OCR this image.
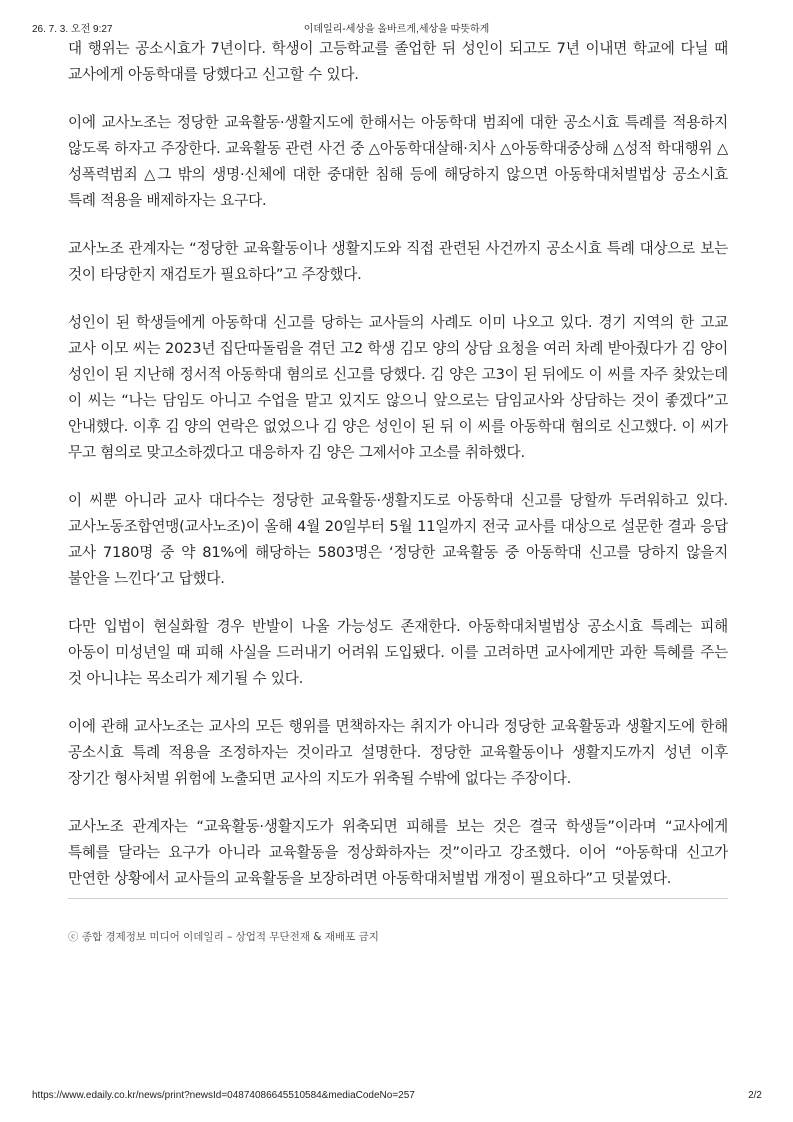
26. 7. 3. 오전 9:27	이데일리-세상을 올바르게,세상을 따뜻하게

대 행위는 공소시효가 7년이다. 학생이 고등학교를 졸업한 뒤 성인이 되고도 7년 이내면 학교에 다닐 때 교사에게 아동학대를 당했다고 신고할 수 있다.

이에 교사노조는 정당한 교육활동·생활지도에 한해서는 아동학대 범죄에 대한 공소시효 특례를 적용하지 않도록 하자고 주장한다. 교육활동 관련 사건 중 △아동학대살해·치사 △아동학대중상해 △성적 학대행위 △성폭력범죄 △그 밖의 생명·신체에 대한 중대한 침해 등에 해당하지 않으면 아동학대처벌법상 공소시효 특례 적용을 배제하자는 요구다.

교사노조 관계자는 “정당한 교육활동이나 생활지도와 직접 관련된 사건까지 공소시효 특례 대상으로 보는 것이 타당한지 재검토가 필요하다”고 주장했다.

성인이 된 학생들에게 아동학대 신고를 당하는 교사들의 사례도 이미 나오고 있다. 경기 지역의 한 고교 교사 이모 씨는 2023년 집단따돌림을 겪던 고2 학생 김모 양의 상담 요청을 여러 차례 받아줬다가 김 양이 성인이 된 지난해 정서적 아동학대 혐의로 신고를 당했다. 김 양은 고3이 된 뒤에도 이 씨를 자주 찾았는데 이 씨는 “나는 담임도 아니고 수업을 맡고 있지도 않으니 앞으로는 담임교사와 상담하는 것이 좋겠다”고 안내했다. 이후 김 양의 연락은 없었으나 김 양은 성인이 된 뒤 이 씨를 아동학대 혐의로 신고했다. 이 씨가 무고 혐의로 맞고소하겠다고 대응하자 김 양은 그제서야 고소를 취하했다.

이 씨뿐 아니라 교사 대다수는 정당한 교육활동·생활지도로 아동학대 신고를 당할까 두려워하고 있다. 교사노동조합연맹(교사노조)이 올해 4월 20일부터 5월 11일까지 전국 교사를 대상으로 설문한 결과 응답 교사 7180명 중 약 81%에 해당하는 5803명은 ‘정당한 교육활동 중 아동학대 신고를 당하지 않을지 불안을 느낀다’고 답했다.

다만 입법이 현실화할 경우 반발이 나올 가능성도 존재한다. 아동학대처벌법상 공소시효 특례는 피해 아동이 미성년일 때 피해 사실을 드러내기 어려워 도입됐다. 이를 고려하면 교사에게만 과한 특혜를 주는 것 아니냐는 목소리가 제기될 수 있다.

이에 관해 교사노조는 교사의 모든 행위를 면책하자는 취지가 아니라 정당한 교육활동과 생활지도에 한해 공소시효 특례 적용을 조정하자는 것이라고 설명한다. 정당한 교육활동이나 생활지도까지 성년 이후 장기간 형사처벌 위험에 노출되면 교사의 지도가 위축될 수밖에 없다는 주장이다.

교사노조 관계자는 “교육활동·생활지도가 위축되면 피해를 보는 것은 결국 학생들”이라며 “교사에게 특혜를 달라는 요구가 아니라 교육활동을 정상화하자는 것”이라고 강조했다. 이어 “아동학대 신고가 만연한 상황에서 교사들의 교육활동을 보장하려면 아동학대처벌법 개정이 필요하다”고 덧붙였다.

ⓒ 종합 경제정보 미디어 이데일리 – 상업적 무단전재 & 재배포 금지
https://www.edaily.co.kr/news/print?newsId=04874086645510584&mediaCodeNo=257	2/2
